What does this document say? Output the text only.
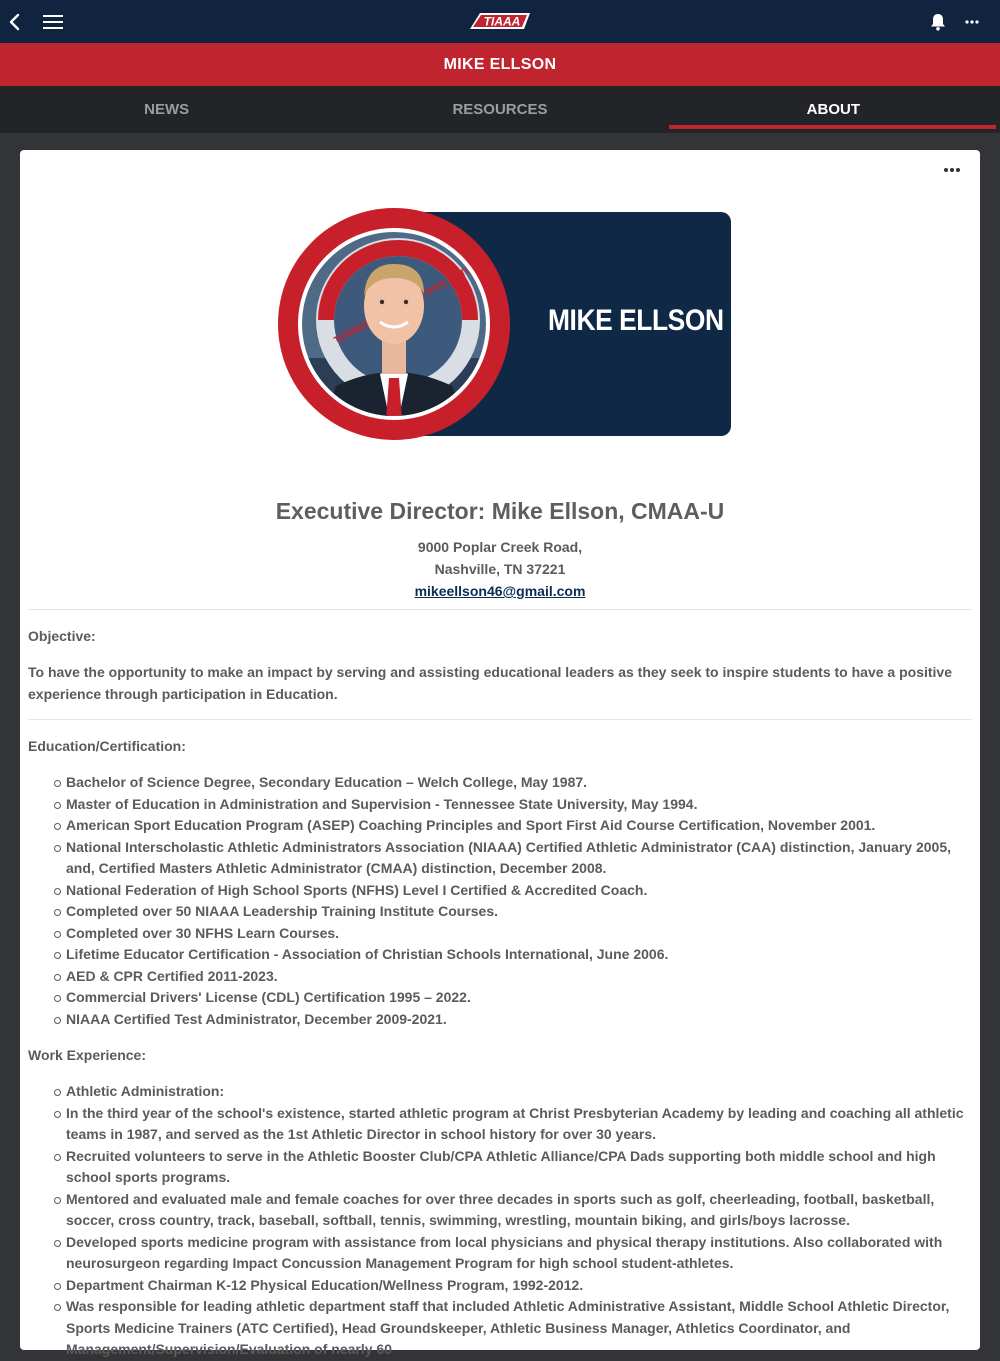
TIAAA
MIKE ELLSON
NEWS	RESOURCES	ABOUT
MIKE ELLSON
TENNESSEE INTERSCHOLASTIC
Executive Director: Mike Ellson, CMAA-U
9000 Poplar Creek Road,
Nashville, TN 37221
mikeellson46@gmail.com
Objective:
To have the opportunity to make an impact by serving and assisting educational leaders as they seek to inspire students to have a positive experience through participation in Education.
Education/Certification:
Bachelor of Science Degree, Secondary Education – Welch College, May 1987.
Master of Education in Administration and Supervision - Tennessee State University, May 1994.
American Sport Education Program (ASEP) Coaching Principles and Sport First Aid Course Certification, November 2001.
National Interscholastic Athletic Administrators Association (NIAAA) Certified Athletic Administrator (CAA) distinction, January 2005, and, Certified Masters Athletic Administrator (CMAA) distinction, December 2008.
National Federation of High School Sports (NFHS) Level I Certified & Accredited Coach.
Completed over 50 NIAAA Leadership Training Institute Courses.
Completed over 30 NFHS Learn Courses.
Lifetime Educator Certification - Association of Christian Schools International, June 2006.
AED & CPR Certified 2011-2023.
Commercial Drivers' License (CDL) Certification 1995 – 2022.
NIAAA Certified Test Administrator, December 2009-2021.
Work Experience:
Athletic Administration:
In the third year of the school's existence, started athletic program at Christ Presbyterian Academy by leading and coaching all athletic teams in 1987, and served as the 1st Athletic Director in school history for over 30 years.
Recruited volunteers to serve in the Athletic Booster Club/CPA Athletic Alliance/CPA Dads supporting both middle school and high school sports programs.
Mentored and evaluated male and female coaches for over three decades in sports such as golf, cheerleading, football, basketball, soccer, cross country, track, baseball, softball, tennis, swimming, wrestling, mountain biking, and girls/boys lacrosse.
Developed sports medicine program with assistance from local physicians and physical therapy institutions. Also collaborated with neurosurgeon regarding Impact Concussion Management Program for high school student-athletes.
Department Chairman K-12 Physical Education/Wellness Program, 1992-2012.
Was responsible for leading athletic department staff that included Athletic Administrative Assistant, Middle School Athletic Director, Sports Medicine Trainers (ATC Certified), Head Groundskeeper, Athletic Business Manager, Athletics Coordinator, and Management/Supervision/Evaluation of nearly 60
